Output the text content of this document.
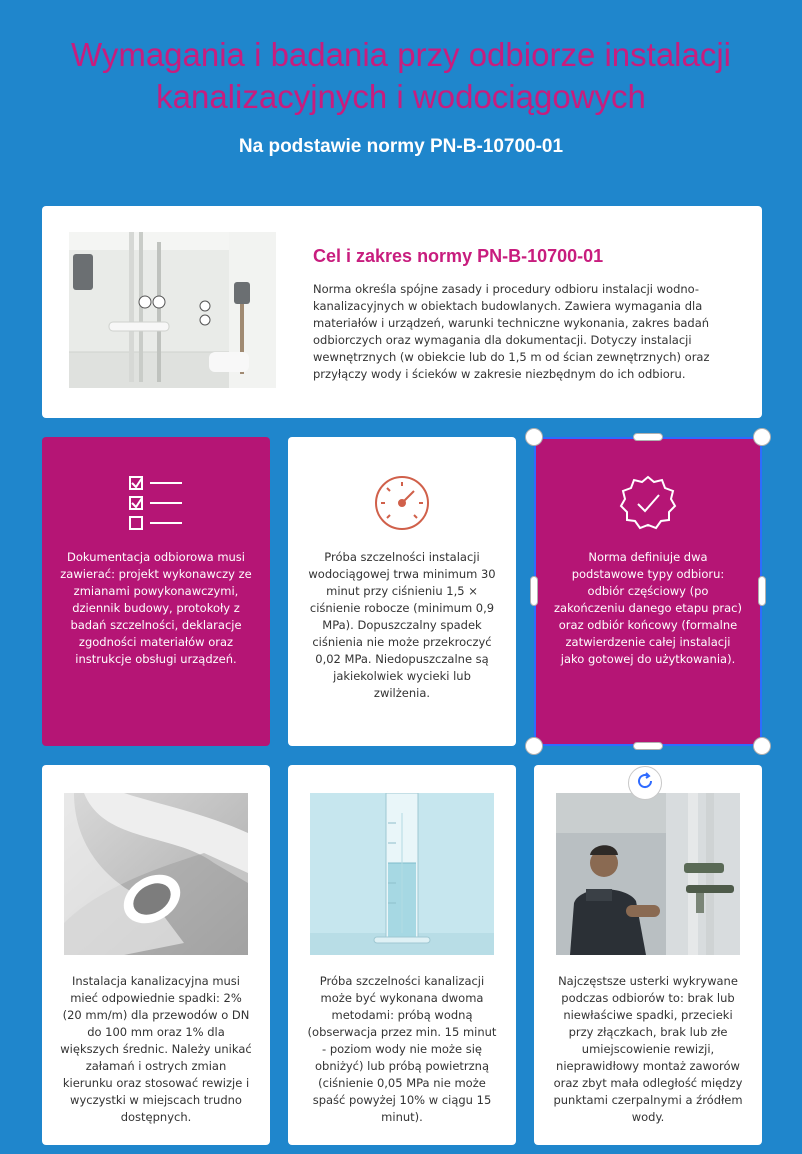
Wymagania i badania przy odbiorze instalacji kanalizacyjnych i wodociągowych
Na podstawie normy PN-B-10700-01
Cel i zakres normy PN-B-10700-01

Norma określa spójne zasady i procedury odbioru instalacji wodno-kanalizacyjnych w obiektach budowlanych. Zawiera wymagania dla materiałów i urządzeń, warunki techniczne wykonania, zakres badań odbiorczych oraz wymagania dla dokumentacji. Dotyczy instalacji wewnętrznych (w obiekcie lub do 1,5 m od ścian zewnętrznych) oraz przyłączy wody i ścieków w zakresie niezbędnym do ich odbioru.

Dokumentacja odbiorowa musi zawierać: projekt wykonawczy ze zmianami powykonawczymi, dziennik budowy, protokoły z badań szczelności, deklaracje zgodności materiałów oraz instrukcje obsługi urządzeń.

Próba szczelności instalacji wodociągowej trwa minimum 30 minut przy ciśnieniu 1,5 × ciśnienie robocze (minimum 0,9 MPa). Dopuszczalny spadek ciśnienia nie może przekroczyć 0,02 MPa. Niedopuszczalne są jakiekolwiek wycieki lub zwilżenia.

Norma definiuje dwa podstawowe typy odbioru: odbiór częściowy (po zakończeniu danego etapu prac) oraz odbiór końcowy (formalne zatwierdzenie całej instalacji jako gotowej do użytkowania).

Instalacja kanalizacyjna musi mieć odpowiednie spadki: 2% (20 mm/m) dla przewodów o DN do 100 mm oraz 1% dla większych średnic. Należy unikać załamań i ostrych zmian kierunku oraz stosować rewizje i wyczystki w miejscach trudno dostępnych.

Próba szczelności kanalizacji może być wykonana dwoma metodami: próbą wodną (obserwacja przez min. 15 minut - poziom wody nie może się obniżyć) lub próbą powietrzną (ciśnienie 0,05 MPa nie może spaść powyżej 10% w ciągu 15 minut).

Najczęstsze usterki wykrywane podczas odbiorów to: brak lub niewłaściwe spadki, przecieki przy złączkach, brak lub złe umiejscowienie rewizji, nieprawidłowy montaż zaworów oraz zbyt mała odległość między punktami czerpalnymi a źródłem wody.
